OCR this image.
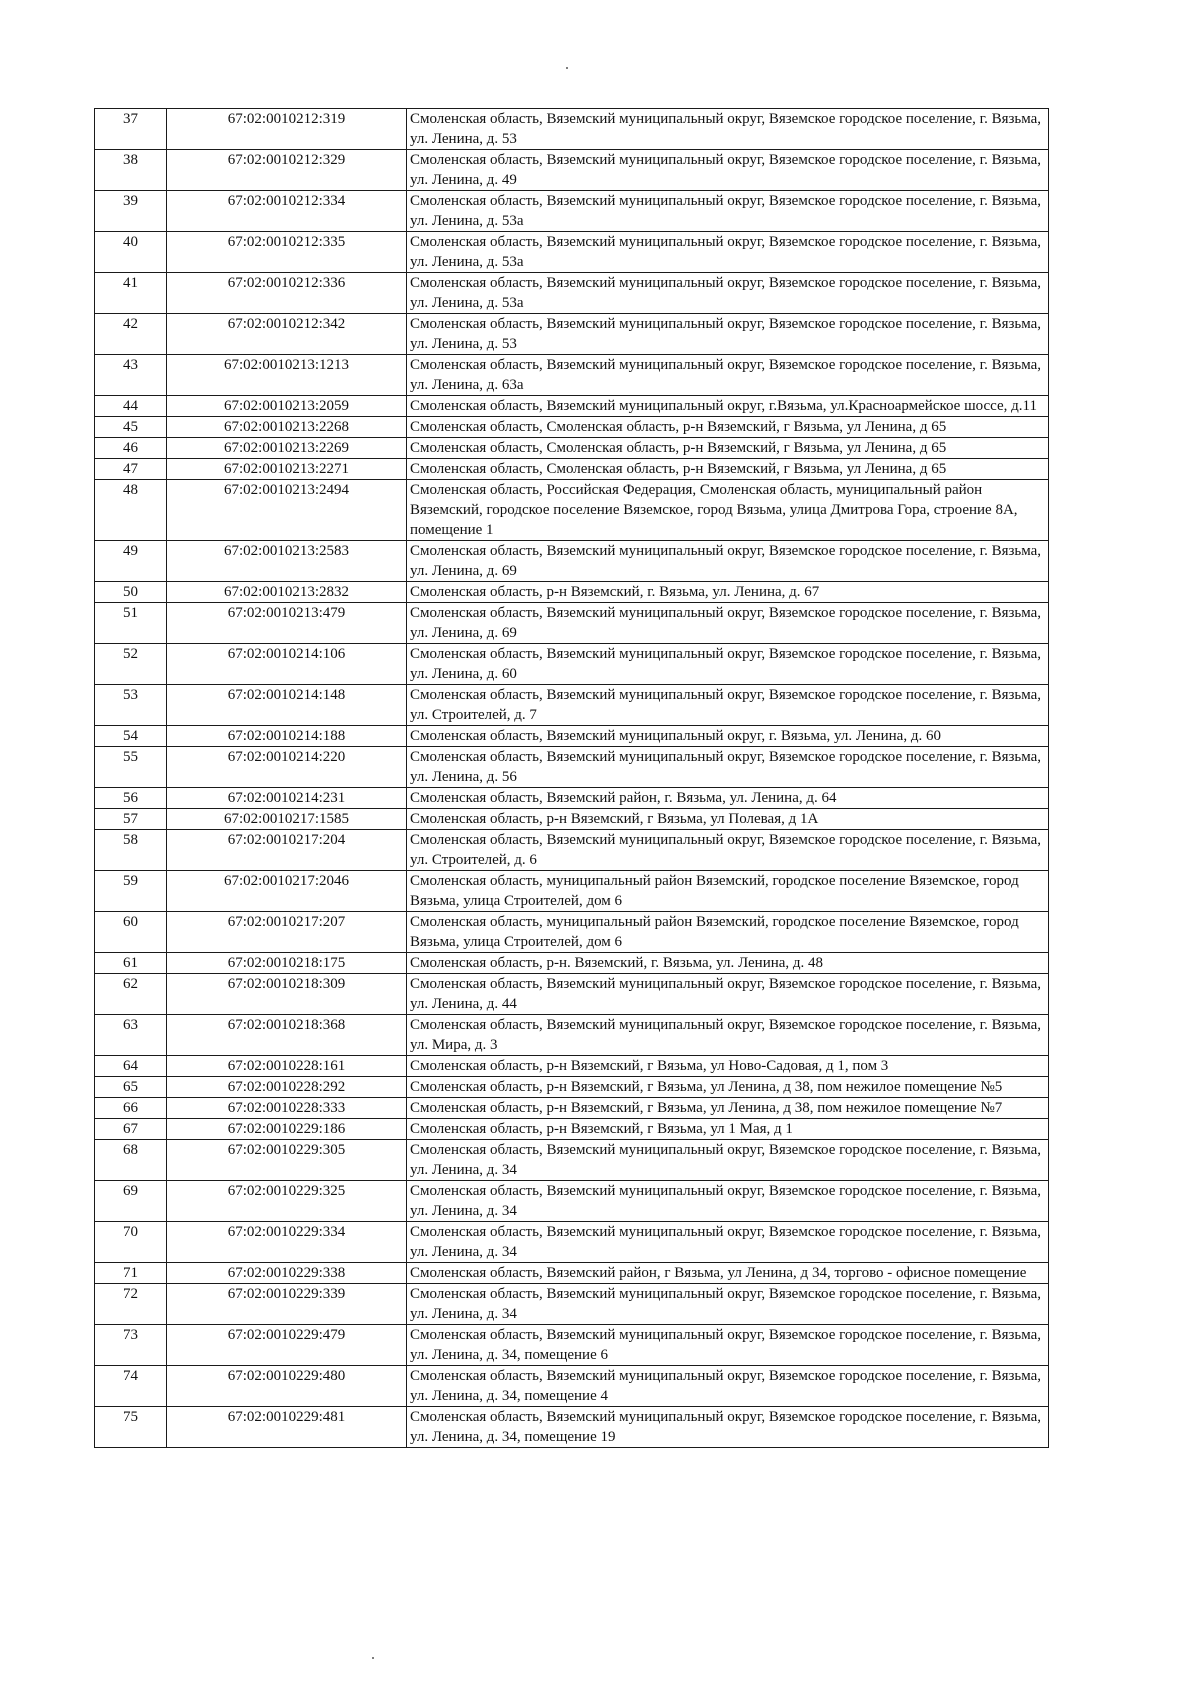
37	67:02:0010212:319	Смоленская область, Вяземский муниципальный округ, Вяземское городское поселение, г. Вязьма, ул. Ленина, д. 53
38	67:02:0010212:329	Смоленская область, Вяземский муниципальный округ, Вяземское городское поселение, г. Вязьма, ул. Ленина, д. 49
39	67:02:0010212:334	Смоленская область, Вяземский муниципальный округ, Вяземское городское поселение, г. Вязьма, ул. Ленина, д. 53а
40	67:02:0010212:335	Смоленская область, Вяземский муниципальный округ, Вяземское городское поселение, г. Вязьма, ул. Ленина, д. 53а
41	67:02:0010212:336	Смоленская область, Вяземский муниципальный округ, Вяземское городское поселение, г. Вязьма, ул. Ленина, д. 53а
42	67:02:0010212:342	Смоленская область, Вяземский муниципальный округ, Вяземское городское поселение, г. Вязьма, ул. Ленина, д. 53
43	67:02:0010213:1213	Смоленская область, Вяземский муниципальный округ, Вяземское городское поселение, г. Вязьма, ул. Ленина, д. 63а
44	67:02:0010213:2059	Смоленская область, Вяземский муниципальный округ, г.Вязьма, ул.Красноармейское шоссе, д.11
45	67:02:0010213:2268	Смоленская область, Смоленская область, р-н Вяземский, г Вязьма, ул Ленина, д 65
46	67:02:0010213:2269	Смоленская область, Смоленская область, р-н Вяземский, г Вязьма, ул Ленина, д 65
47	67:02:0010213:2271	Смоленская область, Смоленская область, р-н Вяземский, г Вязьма, ул Ленина, д 65
48	67:02:0010213:2494	Смоленская область, Российская Федерация, Смоленская область, муниципальный район Вяземский, городское поселение Вяземское, город Вязьма, улица Дмитрова Гора, строение 8А, помещение 1
49	67:02:0010213:2583	Смоленская область, Вяземский муниципальный округ, Вяземское городское поселение, г. Вязьма, ул. Ленина, д. 69
50	67:02:0010213:2832	Смоленская область, р-н Вяземский, г. Вязьма, ул. Ленина, д. 67
51	67:02:0010213:479	Смоленская область, Вяземский муниципальный округ, Вяземское городское поселение, г. Вязьма, ул. Ленина, д. 69
52	67:02:0010214:106	Смоленская область, Вяземский муниципальный округ, Вяземское городское поселение, г. Вязьма, ул. Ленина, д. 60
53	67:02:0010214:148	Смоленская область, Вяземский муниципальный округ, Вяземское городское поселение, г. Вязьма, ул. Строителей, д. 7
54	67:02:0010214:188	Смоленская область, Вяземский муниципальный округ, г. Вязьма, ул. Ленина, д. 60
55	67:02:0010214:220	Смоленская область, Вяземский муниципальный округ, Вяземское городское поселение, г. Вязьма, ул. Ленина, д. 56
56	67:02:0010214:231	Смоленская область, Вяземский район, г. Вязьма, ул. Ленина, д. 64
57	67:02:0010217:1585	Смоленская область, р-н Вяземский, г Вязьма, ул Полевая, д 1А
58	67:02:0010217:204	Смоленская область, Вяземский муниципальный округ, Вяземское городское поселение, г. Вязьма, ул. Строителей, д. 6
59	67:02:0010217:2046	Смоленская область, муниципальный район Вяземский, городское поселение Вяземское, город Вязьма, улица Строителей, дом 6
60	67:02:0010217:207	Смоленская область, муниципальный район Вяземский, городское поселение Вяземское, город Вязьма, улица Строителей, дом 6
61	67:02:0010218:175	Смоленская область, р-н. Вяземский, г. Вязьма, ул. Ленина, д. 48
62	67:02:0010218:309	Смоленская область, Вяземский муниципальный округ, Вяземское городское поселение, г. Вязьма, ул. Ленина, д. 44
63	67:02:0010218:368	Смоленская область, Вяземский муниципальный округ, Вяземское городское поселение, г. Вязьма, ул. Мира, д. 3
64	67:02:0010228:161	Смоленская область, р-н Вяземский, г Вязьма, ул Ново-Садовая, д 1, пом 3
65	67:02:0010228:292	Смоленская область, р-н Вяземский, г Вязьма, ул Ленина, д 38, пом нежилое помещение №5
66	67:02:0010228:333	Смоленская область, р-н Вяземский, г Вязьма, ул Ленина, д 38, пом нежилое помещение №7
67	67:02:0010229:186	Смоленская область, р-н Вяземский, г Вязьма, ул 1 Мая, д 1
68	67:02:0010229:305	Смоленская область, Вяземский муниципальный округ, Вяземское городское поселение, г. Вязьма, ул. Ленина, д. 34
69	67:02:0010229:325	Смоленская область, Вяземский муниципальный округ, Вяземское городское поселение, г. Вязьма, ул. Ленина, д. 34
70	67:02:0010229:334	Смоленская область, Вяземский муниципальный округ, Вяземское городское поселение, г. Вязьма, ул. Ленина, д. 34
71	67:02:0010229:338	Смоленская область, Вяземский район, г Вязьма, ул Ленина, д 34, торгово - офисное помещение
72	67:02:0010229:339	Смоленская область, Вяземский муниципальный округ, Вяземское городское поселение, г. Вязьма, ул. Ленина, д. 34
73	67:02:0010229:479	Смоленская область, Вяземский муниципальный округ, Вяземское городское поселение, г. Вязьма, ул. Ленина, д. 34, помещение 6
74	67:02:0010229:480	Смоленская область, Вяземский муниципальный округ, Вяземское городское поселение, г. Вязьма, ул. Ленина, д. 34, помещение 4
75	67:02:0010229:481	Смоленская область, Вяземский муниципальный округ, Вяземское городское поселение, г. Вязьма, ул. Ленина, д. 34, помещение 19
